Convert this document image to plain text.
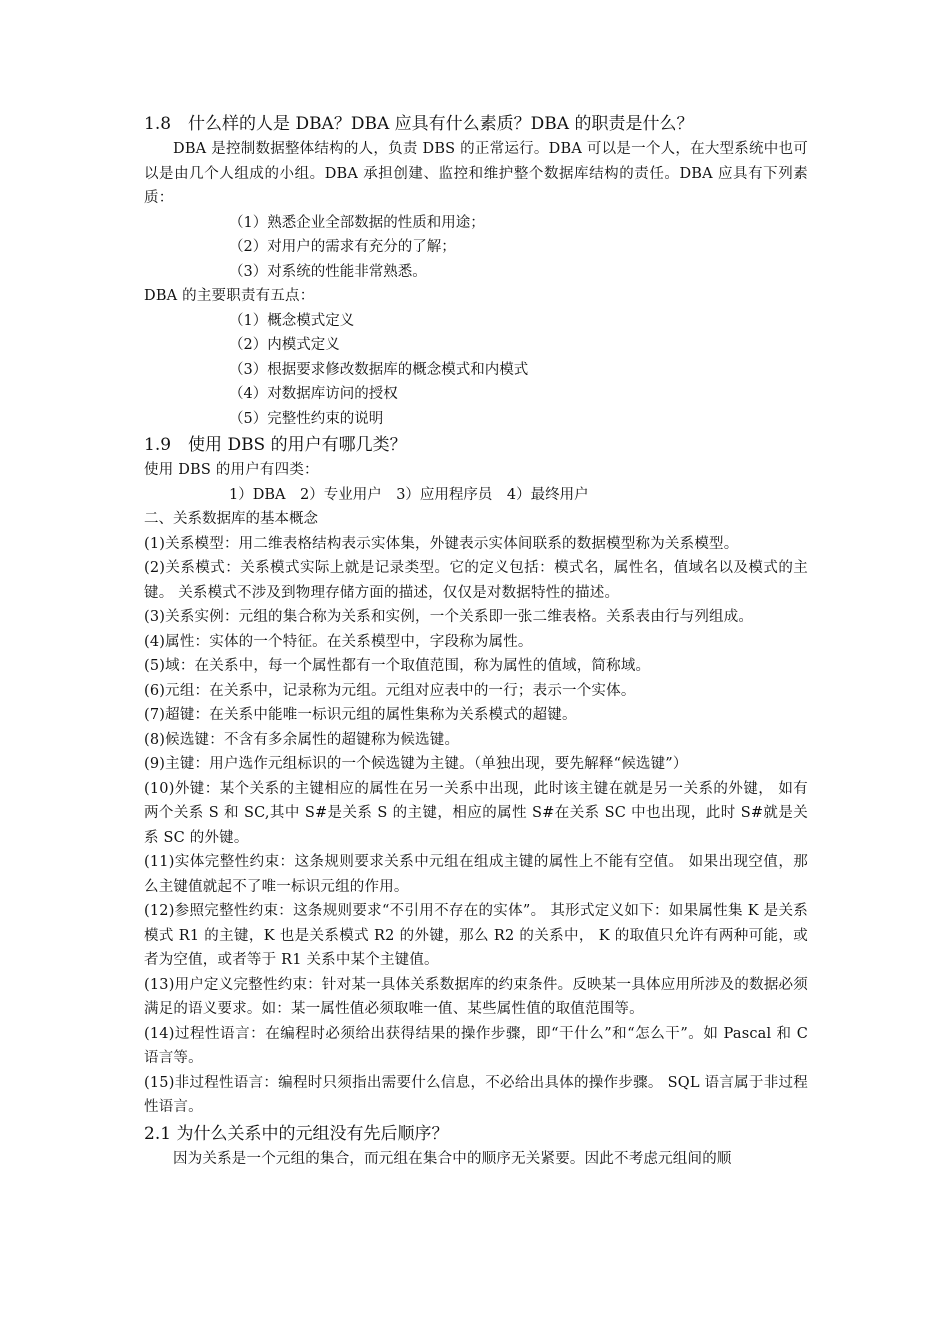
1.8　什么样的人是 DBA？DBA 应具有什么素质？DBA 的职责是什么？

DBA 是控制数据整体结构的人，负责 DBS 的正常运行。DBA 可以是一个人，在大型系统中也可以是由几个人组成的小组。DBA 承担创建、监控和维护整个数据库结构的责任。DBA 应具有下列素质：

（1）熟悉企业全部数据的性质和用途；
（2）对用户的需求有充分的了解；
（3）对系统的性能非常熟悉。

DBA 的主要职责有五点：

（1）概念模式定义
（2）内模式定义
（3）根据要求修改数据库的概念模式和内模式
（4）对数据库访问的授权
（5）完整性约束的说明
1.9　使用 DBS 的用户有哪几类？

使用 DBS 的用户有四类：

1）DBA　2）专业用户　3）应用程序员　4）最终用户

二、关系数据库的基本概念

(1)关系模型：用二维表格结构表示实体集，外键表示实体间联系的数据模型称为关系模型。

(2)关系模式：关系模式实际上就是记录类型。它的定义包括：模式名，属性名，值域名以及模式的主键。 关系模式不涉及到物理存储方面的描述，仅仅是对数据特性的描述。

(3)关系实例：元组的集合称为关系和实例，一个关系即一张二维表格。关系表由行与列组成。

(4)属性：实体的一个特征。在关系模型中，字段称为属性。

(5)域：在关系中，每一个属性都有一个取值范围，称为属性的值域，简称域。

(6)元组：在关系中，记录称为元组。元组对应表中的一行；表示一个实体。

(7)超键：在关系中能唯一标识元组的属性集称为关系模式的超键。

(8)候选键：不含有多余属性的超键称为候选键。

(9)主键：用户选作元组标识的一个候选键为主键。（单独出现，要先解释“候选键”）

(10)外键：某个关系的主键相应的属性在另一关系中出现，此时该主键在就是另一关系的外键， 如有两个关系 S 和 SC,其中 S#是关系 S 的主键，相应的属性 S#在关系 SC 中也出现，此时 S#就是关系 SC 的外键。

(11)实体完整性约束：这条规则要求关系中元组在组成主键的属性上不能有空值。 如果出现空值，那么主键值就起不了唯一标识元组的作用。

(12)参照完整性约束：这条规则要求“不引用不存在的实体”。 其形式定义如下：如果属性集 K 是关系模式 R1 的主键，K 也是关系模式 R2 的外键，那么 R2 的关系中， K 的取值只允许有两种可能，或者为空值，或者等于 R1 关系中某个主键值。

(13)用户定义完整性约束：针对某一具体关系数据库的约束条件。反映某一具体应用所涉及的数据必须满足的语义要求。如：某一属性值必须取唯一值、某些属性值的取值范围等。

(14)过程性语言：在编程时必须给出获得结果的操作步骤，即“干什么”和“怎么干”。如 Pascal 和 C 语言等。

(15)非过程性语言：编程时只须指出需要什么信息，不必给出具体的操作步骤。 SQL 语言属于非过程性语言。

2.1 为什么关系中的元组没有先后顺序？

因为关系是一个元组的集合，而元组在集合中的顺序无关紧要。因此不考虑元组间的顺
